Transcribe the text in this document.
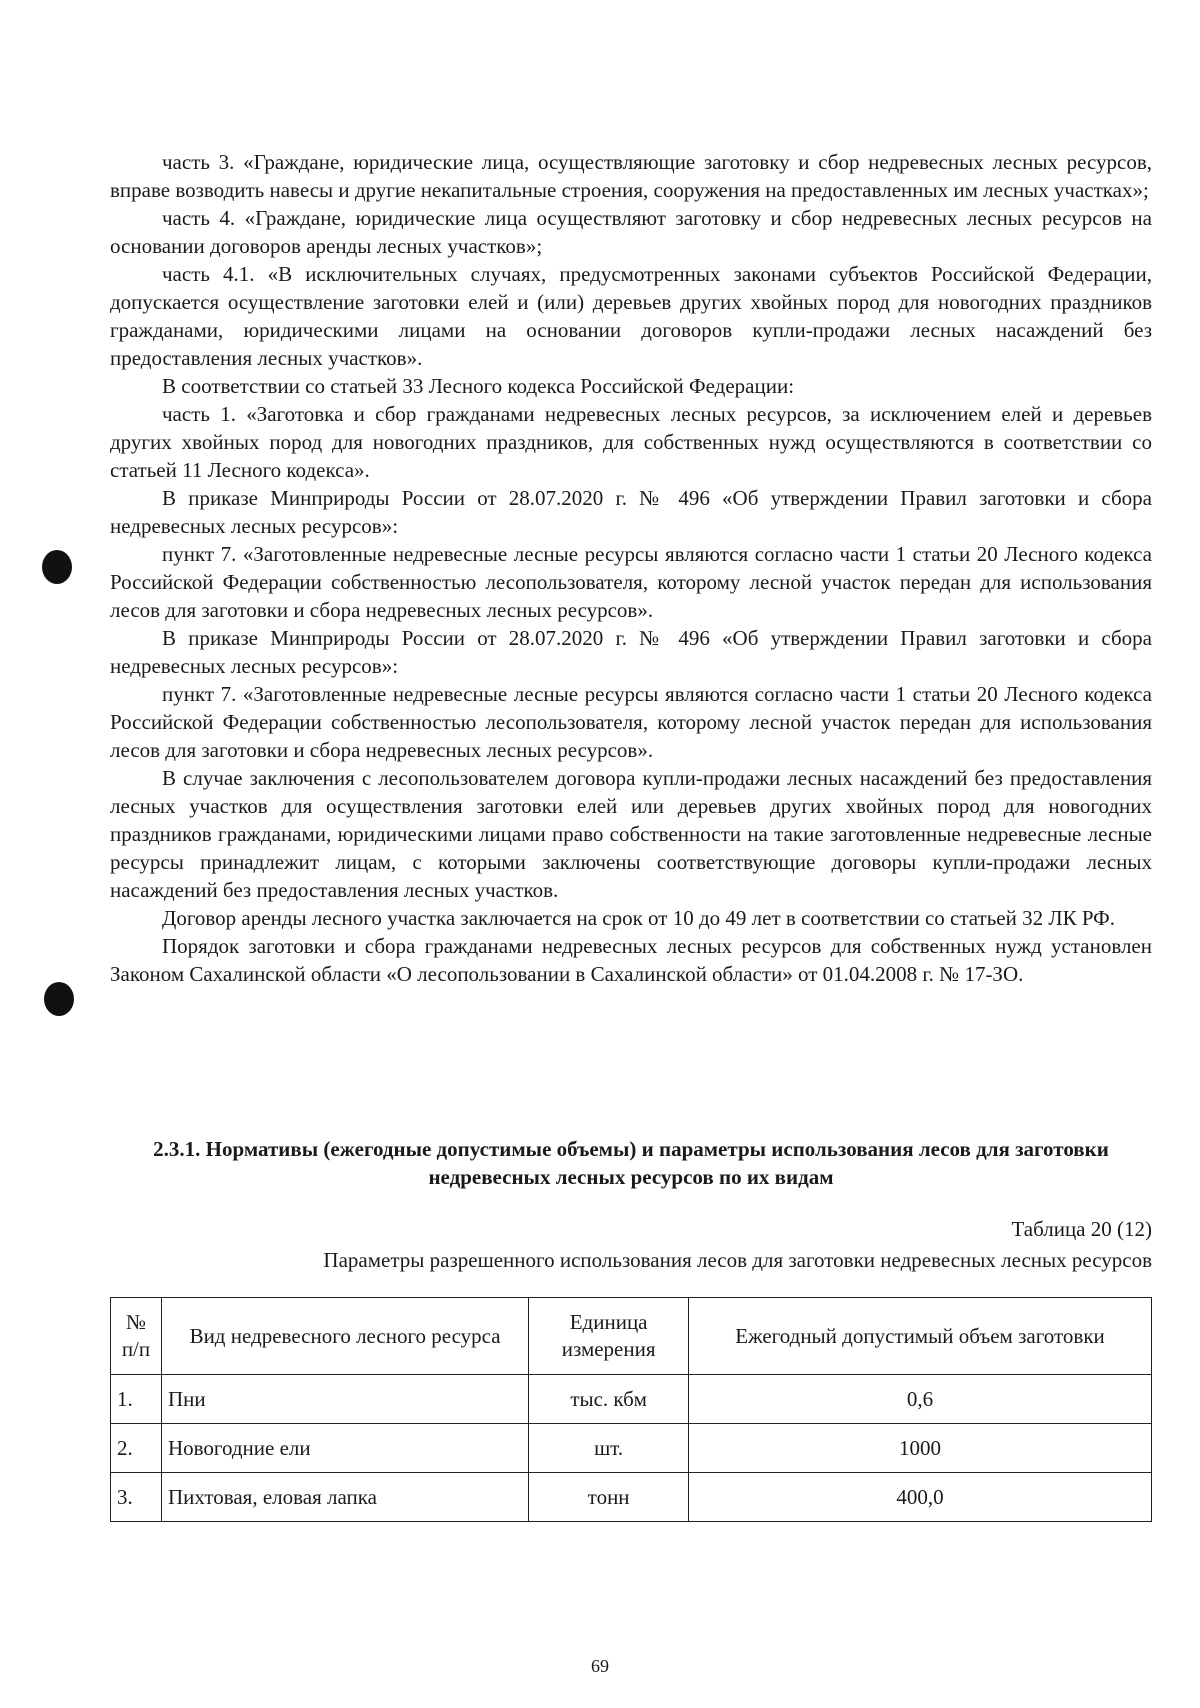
часть 3. «Граждане, юридические лица, осуществляющие заготовку и сбор недревесных лесных ресурсов, вправе возводить навесы и другие некапитальные строения, сооружения на предоставленных им лесных участках»;

часть 4. «Граждане, юридические лица осуществляют заготовку и сбор недревесных лесных ресурсов на основании договоров аренды лесных участков»;

часть 4.1. «В исключительных случаях, предусмотренных законами субъектов Российской Федерации, допускается осуществление заготовки елей и (или) деревьев других хвойных пород для новогодних праздников гражданами, юридическими лицами на основании договоров купли-продажи лесных насаждений без предоставления лесных участков».

В соответствии со статьей 33 Лесного кодекса Российской Федерации:

часть 1. «Заготовка и сбор гражданами недревесных лесных ресурсов, за исключением елей и деревьев других хвойных пород для новогодних праздников, для собственных нужд осуществляются в соответствии со статьей 11 Лесного кодекса».

В приказе Минприроды России от 28.07.2020 г. № 496 «Об утверждении Правил заготовки и сбора недревесных лесных ресурсов»:

пункт 7. «Заготовленные недревесные лесные ресурсы являются согласно части 1 статьи 20 Лесного кодекса Российской Федерации собственностью лесопользователя, которому лесной участок передан для использования лесов для заготовки и сбора недревесных лесных ресурсов».

В приказе Минприроды России от 28.07.2020 г. № 496 «Об утверждении Правил заготовки и сбора недревесных лесных ресурсов»:

пункт 7. «Заготовленные недревесные лесные ресурсы являются согласно части 1 статьи 20 Лесного кодекса Российской Федерации собственностью лесопользователя, которому лесной участок передан для использования лесов для заготовки и сбора недревесных лесных ресурсов».

В случае заключения с лесопользователем договора купли-продажи лесных насаждений без предоставления лесных участков для осуществления заготовки елей или деревьев других хвойных пород для новогодних праздников гражданами, юридическими лицами право собственности на такие заготовленные недревесные лесные ресурсы принадлежит лицам, с которыми заключены соответствующие договоры купли-продажи лесных насаждений без предоставления лесных участков.

Договор аренды лесного участка заключается на срок от 10 до 49 лет в соответствии со статьей 32 ЛК РФ.

Порядок заготовки и сбора гражданами недревесных лесных ресурсов для собственных нужд установлен Законом Сахалинской области «О лесопользовании в Сахалинской области» от 01.04.2008 г. № 17-ЗО.

2.3.1. Нормативы (ежегодные допустимые объемы) и параметры использования лесов для заготовки недревесных лесных ресурсов по их видам
Таблица 20 (12)
Параметры разрешенного использования лесов для заготовки недревесных лесных ресурсов
№ п/п	Вид недревесного лесного ресурса	Единица измерения	Ежегодный допустимый объем заготовки
1.	Пни	тыс. кбм	0,6
2.	Новогодние ели	шт.	1000
3.	Пихтовая, еловая лапка	тонн	400,0
69
